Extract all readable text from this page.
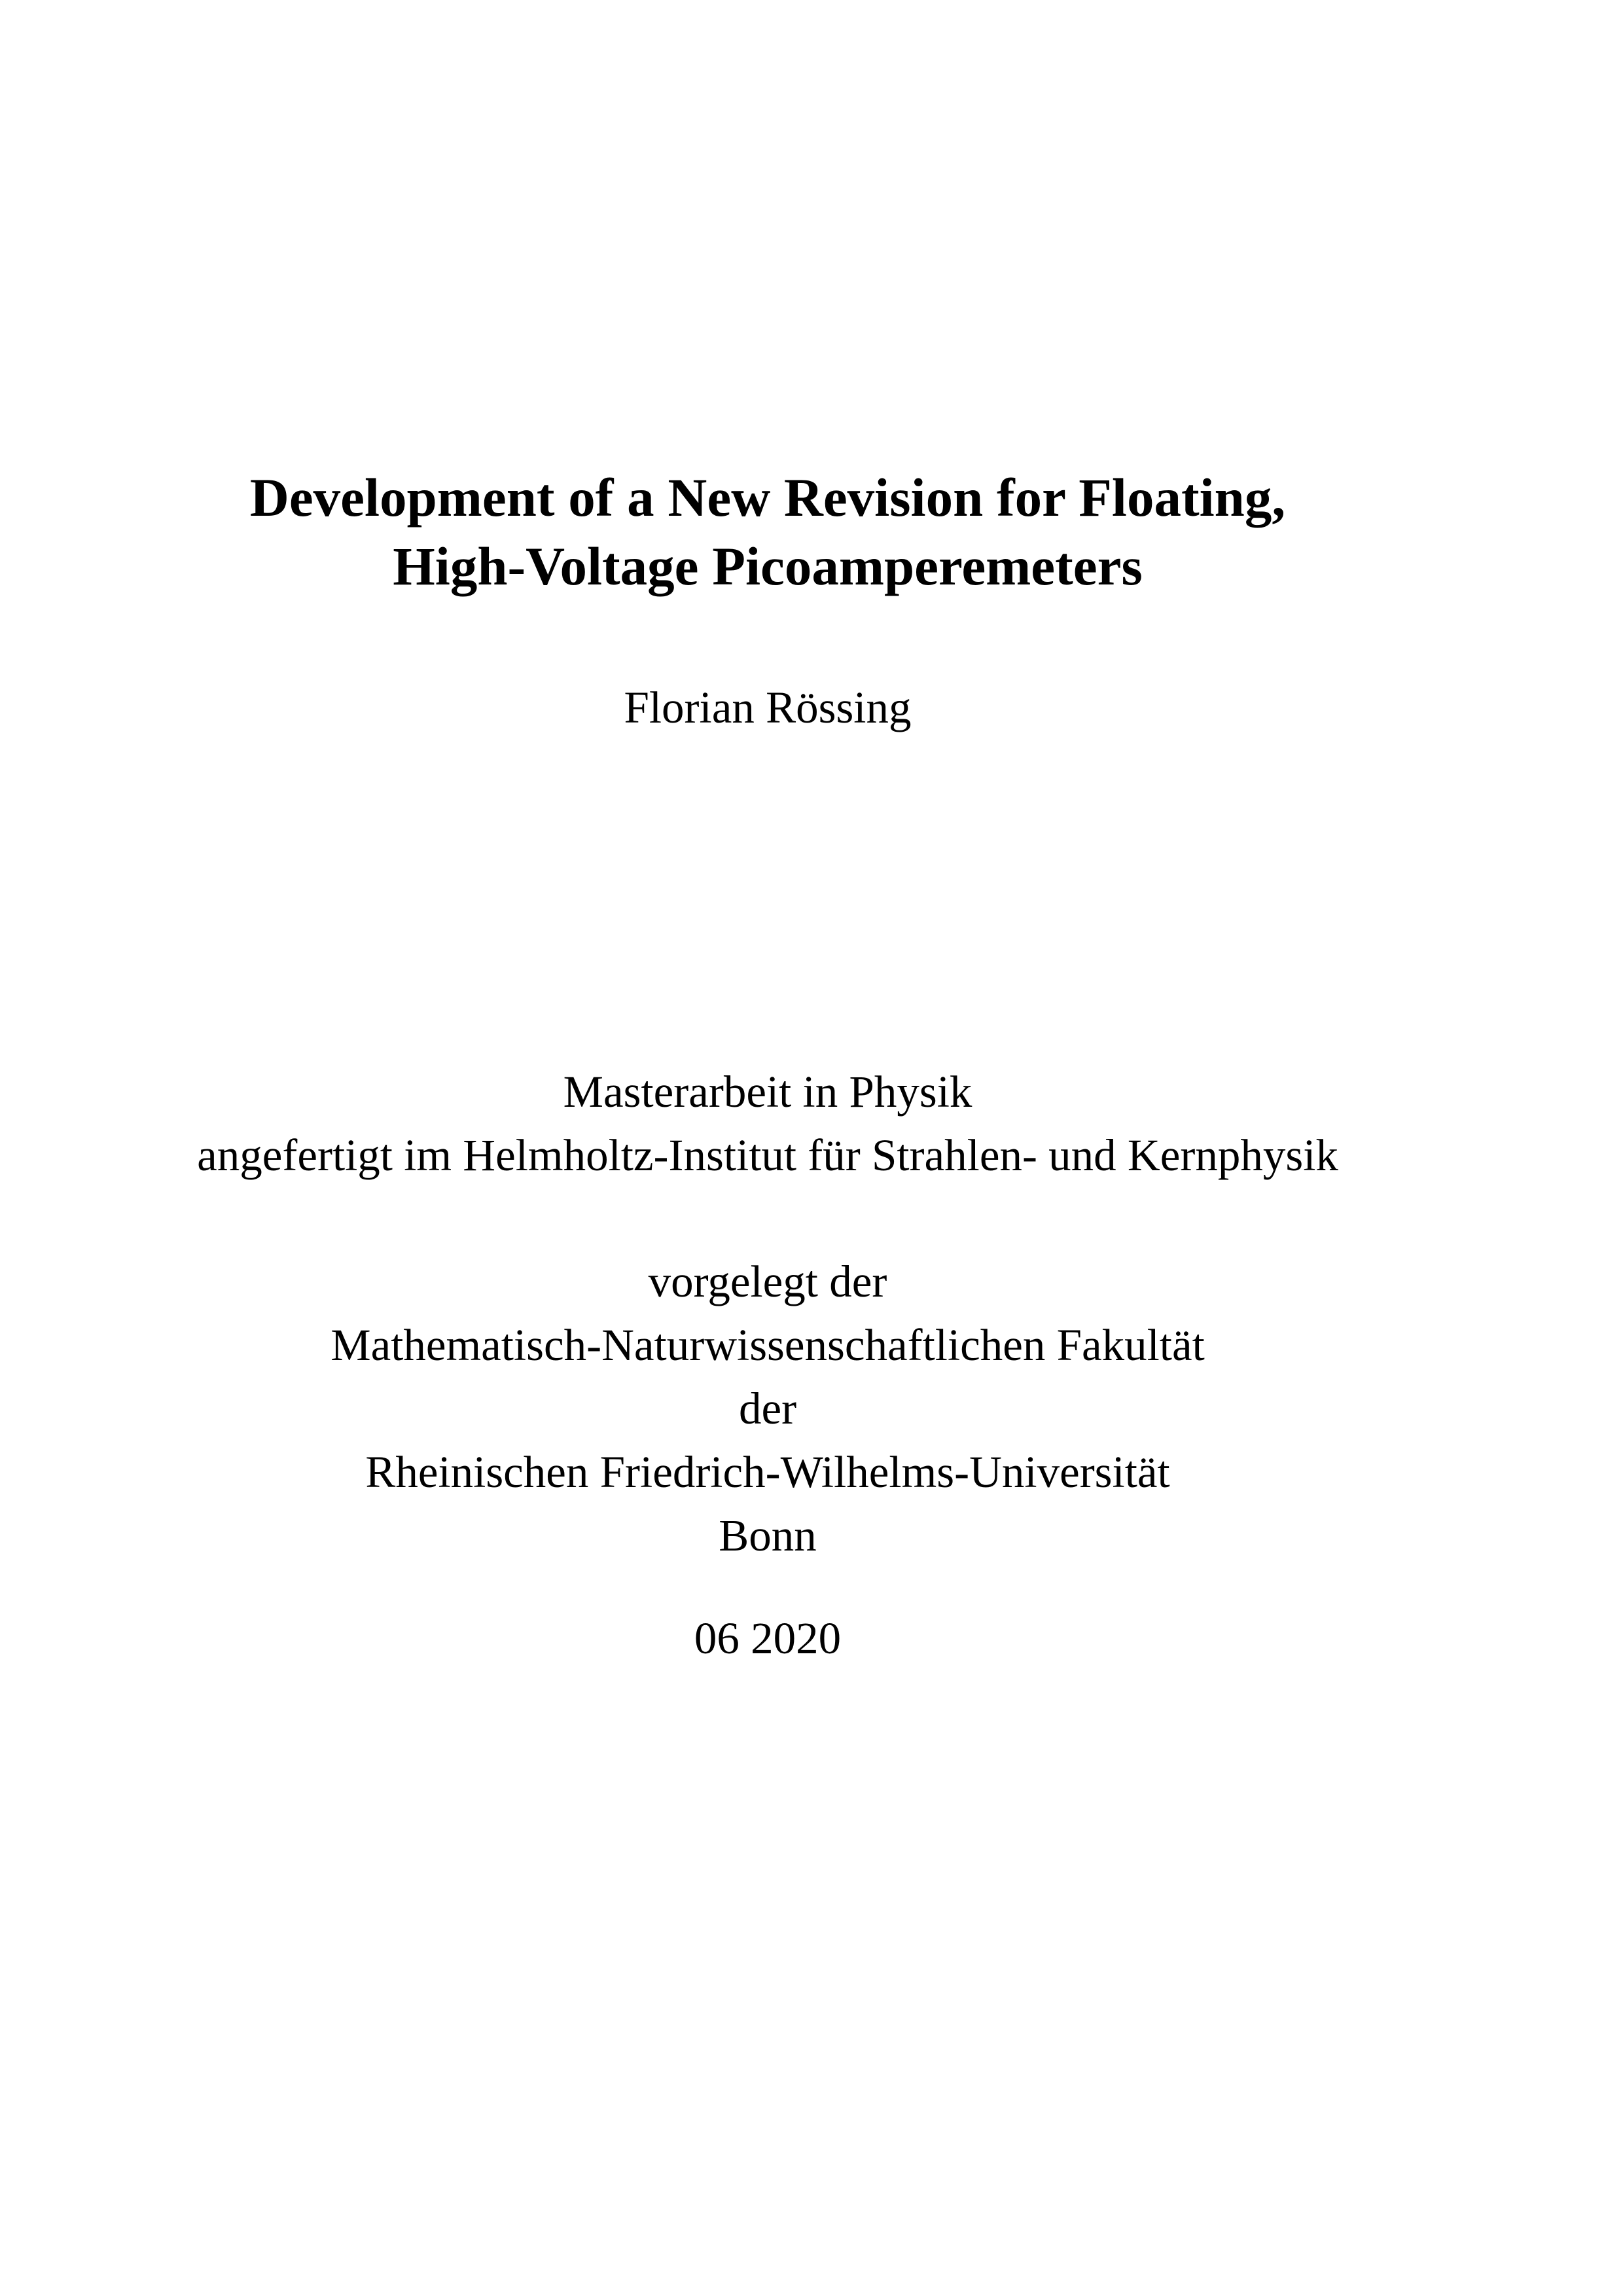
Development of a New Revision for Floating,
High-Voltage Picoamperemeters

Florian Rössing

Masterarbeit in Physik
angefertigt im Helmholtz-Institut für Strahlen- und Kernphysik
vorgelegt der
Mathematisch-Naturwissenschaftlichen Fakultät
der
Rheinischen Friedrich-Wilhelms-Universität
Bonn
06 2020
